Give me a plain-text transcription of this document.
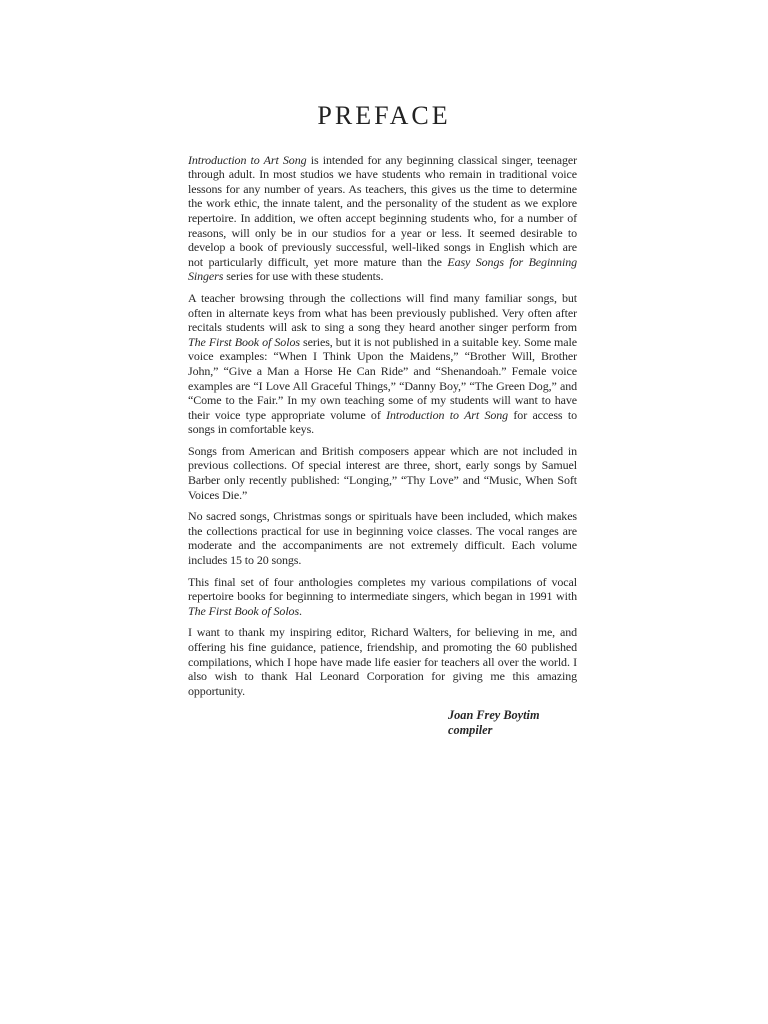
PREFACE

Introduction to Art Song is intended for any beginning classical singer, teenager through adult. In most studios we have students who remain in traditional voice lessons for any number of years. As teachers, this gives us the time to determine the work ethic, the innate talent, and the personality of the student as we explore repertoire. In addition, we often accept beginning students who, for a number of reasons, will only be in our studios for a year or less. It seemed desirable to develop a book of previously successful, well-liked songs in English which are not particularly difficult, yet more mature than the Easy Songs for Beginning Singers series for use with these students.

A teacher browsing through the collections will find many familiar songs, but often in alternate keys from what has been previously published. Very often after recitals students will ask to sing a song they heard another singer perform from The First Book of Solos series, but it is not published in a suitable key. Some male voice examples: “When I Think Upon the Maidens,” “Brother Will, Brother John,” “Give a Man a Horse He Can Ride” and “Shenandoah.” Female voice examples are “I Love All Graceful Things,” “Danny Boy,” “The Green Dog,” and “Come to the Fair.” In my own teaching some of my students will want to have their voice type appropriate volume of Introduction to Art Song for access to songs in comfortable keys.

Songs from American and British composers appear which are not included in previous collections. Of special interest are three, short, early songs by Samuel Barber only recently published: “Longing,” “Thy Love” and “Music, When Soft Voices Die.”

No sacred songs, Christmas songs or spirituals have been included, which makes the collections practical for use in beginning voice classes. The vocal ranges are moderate and the accompaniments are not extremely difficult. Each volume includes 15 to 20 songs.

This final set of four anthologies completes my various compilations of vocal repertoire books for beginning to intermediate singers, which began in 1991 with The First Book of Solos.

I want to thank my inspiring editor, Richard Walters, for believing in me, and offering his fine guidance, patience, friendship, and promoting the 60 published compilations, which I hope have made life easier for teachers all over the world. I also wish to thank Hal Leonard Corporation for giving me this amazing opportunity.

Joan Frey Boytim
compiler
